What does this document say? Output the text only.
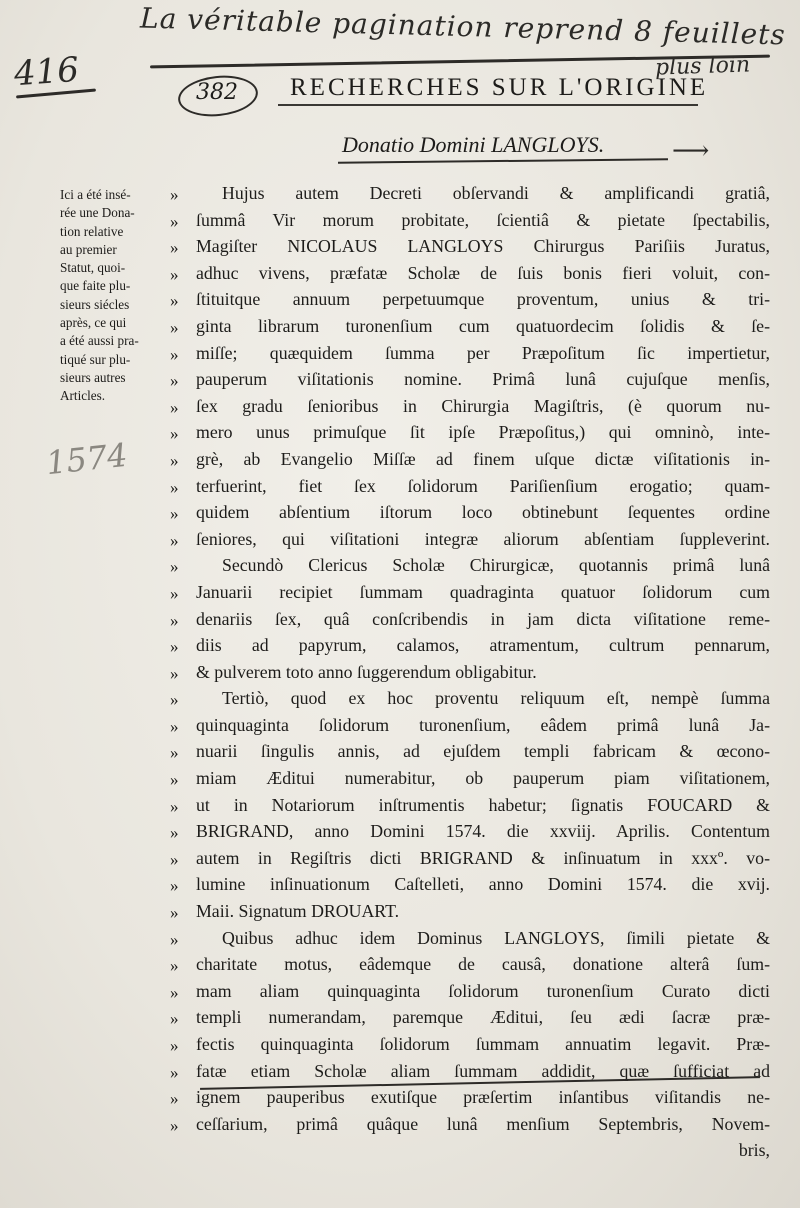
416
La véritable pagination reprend 8 feuillets
plus loin
382 RECHERCHES SUR L'ORIGINE
Donatio Domini LANGLOYS.	⟶
Ici a été insé-
rée une Dona-
tion relative
au premier
Statut, quoi-
que faite plu-
sieurs siécles
après, ce qui
a été aussi pra-
tiqué sur plu-
sieurs autres
Articles.
1574
»
»
»
»
»
»
»
»
»
»
»
»
»
»
»
»
»
»
»
»
»
»
»
»
»
»
»
»
»
»
»
»
»
»
»
»
Hujus autem Decreti obſervandi & amplificandi gratiâ,
ſummâ Vir morum probitate, ſcientiâ & pietate ſpectabilis,
Magiſter NICOLAUS LANGLOYS Chirurgus Pariſiis Juratus,
adhuc vivens, præfatæ Scholæ de ſuis bonis fieri voluit, con-
ſtituitque annuum perpetuumque proventum, unius & tri-
ginta librarum turonenſium cum quatuordecim ſolidis & ſe-
miſſe; quæquidem ſumma per Præpoſitum ſic impertietur,
pauperum viſitationis nomine. Primâ lunâ cujuſque menſis,
ſex gradu ſenioribus in Chirurgia Magiſtris, (è quorum nu-
mero unus primuſque ſit ipſe Præpoſitus,) qui omninò, inte-
grè, ab Evangelio Miſſæ ad finem uſque dictæ viſitationis in-
terfuerint, fiet ſex ſolidorum Pariſienſium erogatio; quam-
quidem abſentium iſtorum loco obtinebunt ſequentes ordine
ſeniores, qui viſitationi integræ aliorum abſentiam ſuppleverint.
Secundò Clericus Scholæ Chirurgicæ, quotannis primâ lunâ
Januarii recipiet ſummam quadraginta quatuor ſolidorum cum
denariis ſex, quâ conſcribendis in jam dicta viſitatione reme-
diis ad papyrum, calamos, atramentum, cultrum pennarum,
& pulverem toto anno ſuggerendum obligabitur.
Tertiò, quod ex hoc proventu reliquum eſt, nempè ſumma
quinquaginta ſolidorum turonenſium, eâdem primâ lunâ Ja-
nuarii ſingulis annis, ad ejuſdem templi fabricam & œcono-
miam Æditui numerabitur, ob pauperum piam viſitationem,
ut in Notariorum inſtrumentis habetur; ſignatis FOUCARD &
BRIGRAND, anno Domini 1574. die xxviij. Aprilis. Contentum
autem in Regiſtris dicti BRIGRAND & inſinuatum in xxxº. vo-
lumine inſinuationum Caſtelleti, anno Domini 1574. die xvij.
Maii. Signatum DROUART.
Quibus adhuc idem Dominus LANGLOYS, ſimili pietate &
charitate motus, eâdemque de causâ, donatione alterâ ſum-
mam aliam quinquaginta ſolidorum turonenſium Curato dicti
templi numerandam, paremque Æditui, ſeu ædi ſacræ præ-
fectis quinquaginta ſolidorum ſummam annuatim legavit. Præ-
fatæ etiam Scholæ aliam ſummam addidit, quæ ſufficiat ad
ignem pauperibus exutiſque præſertim inſantibus viſitandis ne-
ceſſarium, primâ quâque lunâ menſium Septembris, Novem-
bris,
